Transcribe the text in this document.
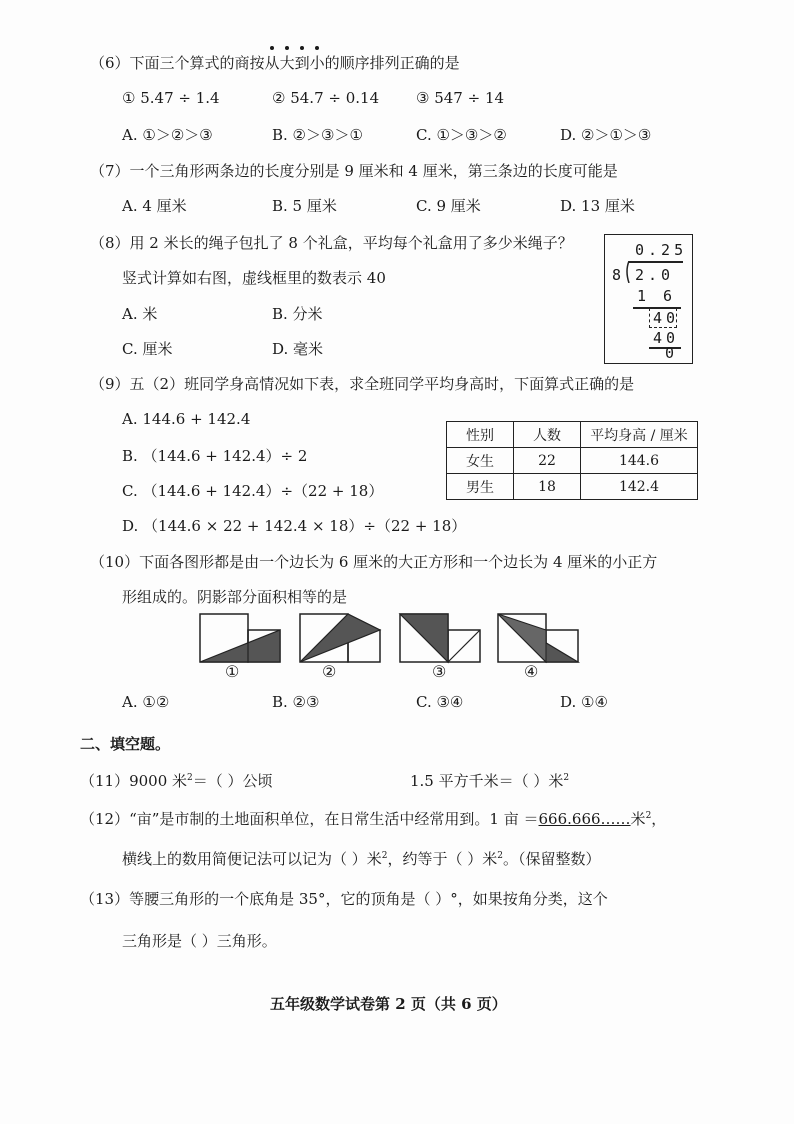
（6）下面三个算式的商按从大到小的顺序排列正确的是
① 5.47 ÷ 1.4	② 54.7 ÷ 0.14 ③ 547 ÷ 14
A. ①＞②＞③	B. ②＞③＞①	C. ①＞③＞②	D. ②＞①＞③
（7）一个三角形两条边的长度分别是 9 厘米和 4 厘米，第三条边的长度可能是
A. 4 厘米	B. 5 厘米	C. 9 厘米	D. 13 厘米
（8）用 2 米长的绳子包扎了 8 个礼盒，平均每个礼盒用了多少米绳子？
竖式计算如右图，虚线框里的数表示 40
A. 米	B. 分米
C. 厘米	D. 毫米
0.25
8 2.0
1 6
40
40
0
（9）五（2）班同学身高情况如下表，求全班同学平均身高时，下面算式正确的是
A. 144.6 + 142.4
B. （144.6 + 142.4）÷ 2
C. （144.6 + 142.4）÷（22 + 18）
D. （144.6 × 22 + 142.4 × 18）÷（22 + 18）
性别	人数	平均身高 / 厘米
女生	22	144.6
男生	18	142.4
（10）下面各图形都是由一个边长为 6 厘米的大正方形和一个边长为 4 厘米的小正方
形组成的。阴影部分面积相等的是
①	②	③	④
A. ①②	B. ②③	C. ③④	D. ①④
二、填空题。
（11）9000 米$^2$＝（ ）公顷	1.5 平方千米＝（ ）米$^2$
（12）“亩”是市制的土地面积单位，在日常生活中经常用到。1 亩 ＝666.666……米$^2$，
横线上的数用简便记法可以记为（ ）米$^2$，约等于（ ）米$^2$。（保留整数）
（13）等腰三角形的一个底角是 35°，它的顶角是（ ）°，如果按角分类，这个
三角形是（ ）三角形。
五年级数学试卷第 2 页（共 6 页）
